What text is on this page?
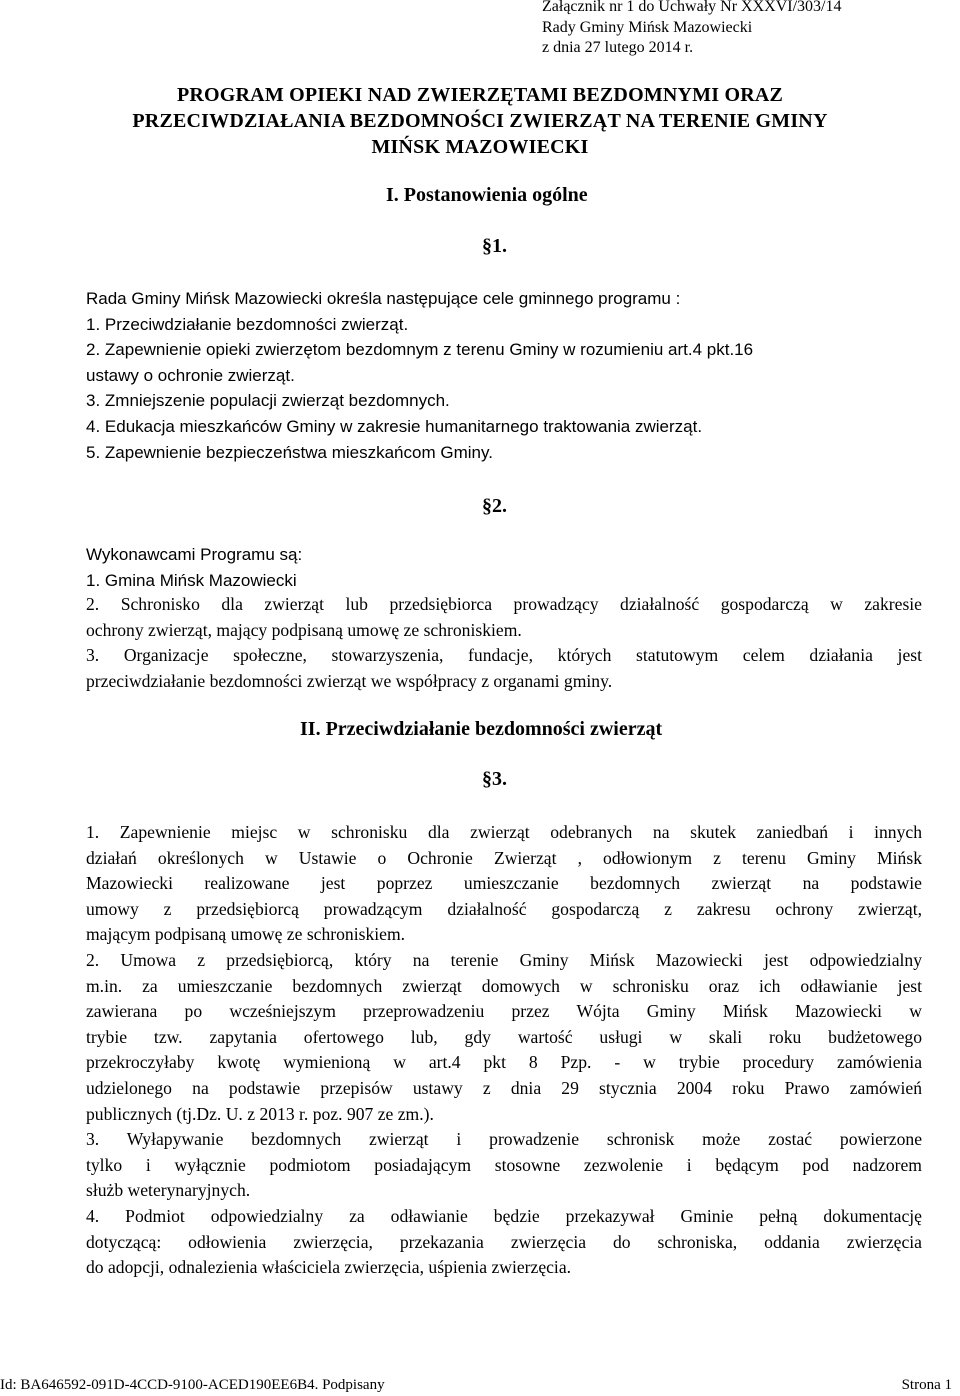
Załącznik nr 1 do Uchwały Nr XXXVI/303/14
Rady Gminy Mińsk Mazowiecki
z dnia 27 lutego 2014 r.
PROGRAM OPIEKI NAD ZWIERZĘTAMI BEZDOMNYMI ORAZ
PRZECIWDZIAŁANIA BEZDOMNOŚCI ZWIERZĄT NA TERENIE GMINY
MIŃSK MAZOWIECKI
I. Postanowienia ogólne
§1.
Rada Gminy Mińsk Mazowiecki określa następujące cele gminnego programu :
1. Przeciwdziałanie bezdomności zwierząt.
2. Zapewnienie opieki zwierzętom bezdomnym z terenu Gminy w rozumieniu art.4 pkt.16
ustawy o ochronie zwierząt.
3. Zmniejszenie populacji zwierząt bezdomnych.
4. Edukacja mieszkańców Gminy w zakresie humanitarnego traktowania zwierząt.
5. Zapewnienie bezpieczeństwa mieszkańcom Gminy.
§2.
Wykonawcami Programu są:
1. Gmina Mińsk Mazowiecki
2. Schronisko dla zwierząt lub przedsiębiorca prowadzący działalność gospodarczą w zakresie
ochrony zwierząt, mający podpisaną umowę ze schroniskiem.
3. Organizacje społeczne, stowarzyszenia, fundacje, których statutowym celem działania jest
przeciwdziałanie bezdomności zwierząt we współpracy z organami gminy.
II. Przeciwdziałanie bezdomności zwierząt
§3.
1. Zapewnienie miejsc w schronisku dla zwierząt odebranych na skutek zaniedbań i innych
działań określonych w Ustawie o Ochronie Zwierząt , odłowionym z terenu Gminy Mińsk
Mazowiecki realizowane jest poprzez umieszczanie bezdomnych zwierząt na podstawie
umowy z przedsiębiorcą prowadzącym działalność gospodarczą z zakresu ochrony zwierząt,
mającym podpisaną umowę ze schroniskiem.
2. Umowa z przedsiębiorcą, który na terenie Gminy Mińsk Mazowiecki jest odpowiedzialny
m.in. za umieszczanie bezdomnych zwierząt domowych w schronisku oraz ich odławianie jest
zawierana po wcześniejszym przeprowadzeniu przez Wójta Gminy Mińsk Mazowiecki w
trybie tzw. zapytania ofertowego lub, gdy wartość usługi w skali roku budżetowego
przekroczyłaby kwotę wymienioną w art.4 pkt 8 Pzp. - w trybie procedury zamówienia
udzielonego na podstawie przepisów ustawy z dnia 29 stycznia 2004 roku Prawo zamówień
publicznych (tj.Dz. U. z 2013 r. poz. 907 ze zm.).
3. Wyłapywanie bezdomnych zwierząt i prowadzenie schronisk może zostać powierzone
tylko i wyłącznie podmiotom posiadającym stosowne zezwolenie i będącym pod nadzorem
służb weterynaryjnych.
4. Podmiot odpowiedzialny za odławianie będzie przekazywał Gminie pełną dokumentację
dotyczącą: odłowienia zwierzęcia, przekazania zwierzęcia do schroniska, oddania zwierzęcia
do adopcji, odnalezienia właściciela zwierzęcia, uśpienia zwierzęcia.
Id: BA646592-091D-4CCD-9100-ACED190EE6B4. Podpisany	Strona 1
